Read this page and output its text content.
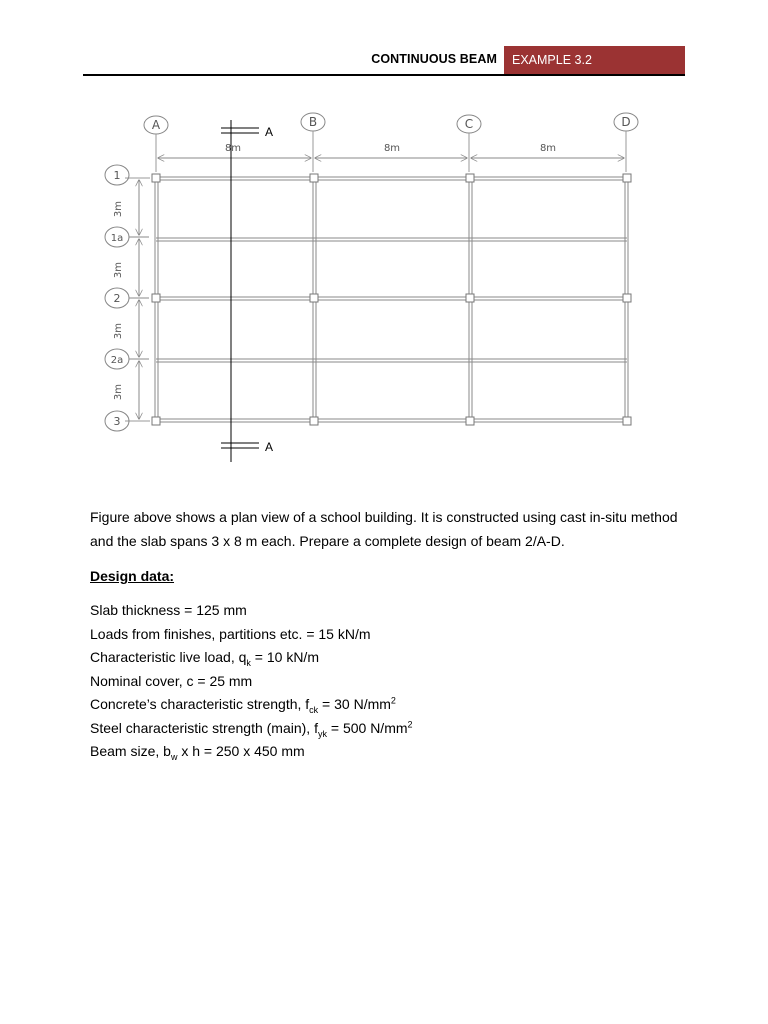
CONTINUOUS BEAM	EXAMPLE 3.2
A	B	C	D
8m	8m	8m
1
1a
2
2a
3
3m
3m
3m
3m
A
A
Figure above shows a plan view of a school building. It is constructed using cast in-situ method and the slab spans 3 x 8 m each. Prepare a complete design of beam 2/A-D.
Design data:
Slab thickness = 125 mm
Loads from finishes, partitions etc. = 15 kN/m
Characteristic live load, $q_k = 10$ kN/m
Nominal cover, c = 25 mm
Concrete’s characteristic strength, $f_{ck} = 30$ $N/mm^2$
Steel characteristic strength (main), $f_{yk} = 500$ $N/mm^2$
Beam size, $b_w$ x h = 250 x 450 mm
